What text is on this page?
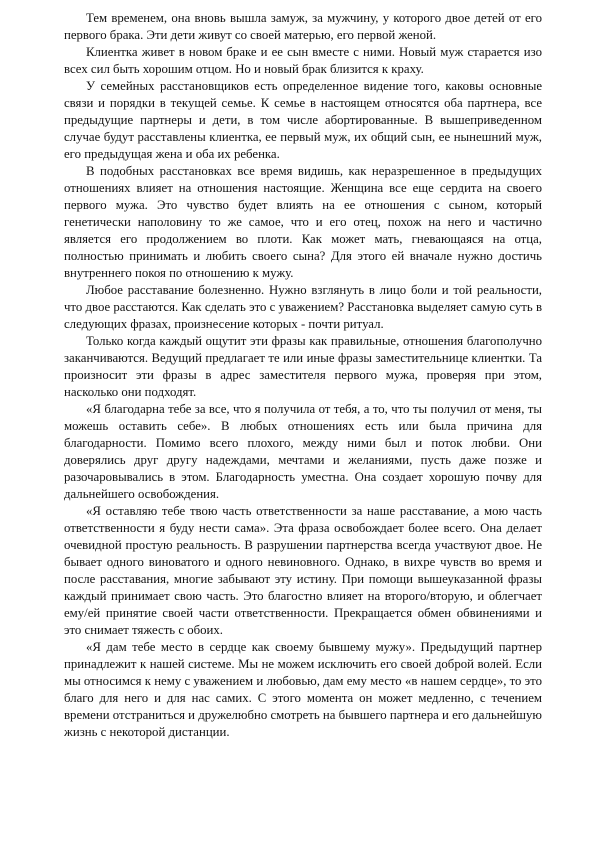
Тем временем, она вновь вышла замуж, за мужчину, у которого двое детей от его первого брака. Эти дети живут со своей матерью, его первой женой.

Клиентка живет в новом браке и ее сын вместе с ними. Новый муж старается изо всех сил быть хорошим отцом. Но и новый брак близится к краху.

У семейных расстановщиков есть определенное видение того, каковы основные связи и порядки в текущей семье. К семье в настоящем относятся оба партнера, все предыдущие партнеры и дети, в том числе абортированные. В вышеприведенном случае будут расставлены клиентка, ее первый муж, их общий сын, ее нынешний муж, его предыдущая жена и оба их ребенка.

В подобных расстановках все время видишь, как неразрешенное в предыдущих отношениях влияет на отношения настоящие. Женщина все еще сердита на своего первого мужа. Это чувство будет влиять на ее отношения с сыном, который генетически наполовину то же самое, что и его отец, похож на него и частично является его продолжением во плоти. Как может мать, гневающаяся на отца, полностью принимать и любить своего сына? Для этого ей вначале нужно достичь внутреннего покоя по отношению к мужу.

Любое расставание болезненно. Нужно взглянуть в лицо боли и той реальности, что двое расстаются. Как сделать это с уважением? Расстановка выделяет самую суть в следующих фразах, произнесение которых - почти ритуал.

Только когда каждый ощутит эти фразы как правильные, отношения благополучно заканчиваются. Ведущий предлагает те или иные фразы заместительнице клиентки. Та произносит эти фразы в адрес заместителя первого мужа, проверяя при этом, насколько они подходят.

«Я благодарна тебе за все, что я получила от тебя, а то, что ты получил от меня, ты можешь оставить себе». В любых отношениях есть или была причина для благодарности. Помимо всего плохого, между ними был и поток любви. Они доверялись друг другу надеждами, мечтами и желаниями, пусть даже позже и разочаровывались в этом. Благодарность уместна. Она создает хорошую почву для дальнейшего освобождения.

«Я оставляю тебе твою часть ответственности за наше расставание, а мою часть ответственности я буду нести сама». Эта фраза освобождает более всего. Она делает очевидной простую реальность. В разрушении партнерства всегда участвуют двое. Не бывает одного виноватого и одного невиновного. Однако, в вихре чувств во время и после расставания, многие забывают эту истину. При помощи вышеуказанной фразы каждый принимает свою часть. Это благостно влияет на второго/вторую, и облегчает ему/ей принятие своей части ответственности. Прекращается обмен обвинениями и это снимает тяжесть с обоих.

«Я дам тебе место в сердце как своему бывшему мужу». Предыдущий партнер принадлежит к нашей системе. Мы не можем исключить его своей доброй волей. Если мы относимся к нему с уважением и любовью, дам ему место «в нашем сердце», то это благо для него и для нас самих. С этого момента он может медленно, с течением времени отстраниться и дружелюбно смотреть на бывшего партнера и его дальнейшую жизнь с некоторой дистанции.
